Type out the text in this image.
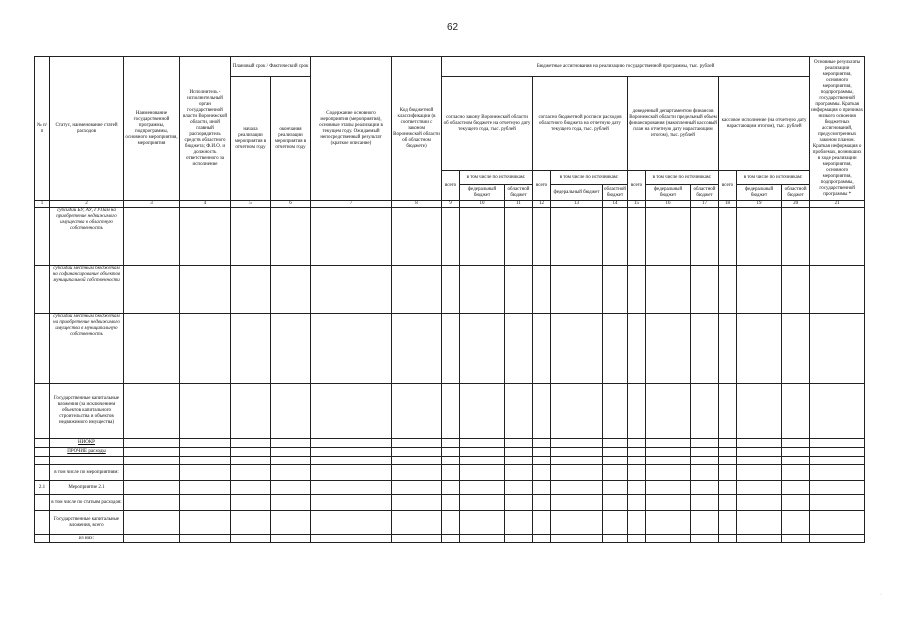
62
№ п/п	Статус, наименование статей расходов	Наименование государственной программы, подпрограммы, основного мероприятия, мероприятия	Исполнитель - исполнительный орган государственной власти Воронежской области, иной главный распорядитель средств областного бюджета; Ф.И.О. и должность ответственного за исполнение	Плановый срок / Фактический срок		Содержание основного мероприятия (мероприятия), основные этапы реализации в текущем году. Ожидаемый непосредственный результат (краткое описание)	Код бюджетной классификации (в соответствии с законом Воронежской области об областном бюджете)	Бюджетные ассигнования на реализацию государственной программы, тыс. рублей												Основные результаты реализации мероприятия, основного мероприятия, подпрограммы, государственной программы. Краткая информация о причинах низкого освоения бюджетных ассигнований, предусмотренных законом планом. Краткая информация о проблемах, возникших в ходе реализации мероприятия, основного мероприятия, подпрограммы, государственной программы *
				начала реализации мероприятия в отчетном году	окончания реализации мероприятия в отчетном году			согласно закону Воронежской области об областном бюджете на отчетную дату текущего года, тыс. рублей			согласно бюджетной росписи расходов областного бюджета на отчетную дату текущего года, тыс. рублей			доведенный департаментом финансов Воронежской области предельный объем финансирования (накопленный кассовый план на отчетную дату нарастающим итогом), тыс. рублей			кассовое исполнение (на отчетную дату нарастающим итогом), тыс. рублей			
								всего	в том числе по источникам:		всего	в том числе по источникам:		всего	в том числе по источникам:		всего	в том числе по источникам:		
									федеральный бюджет	областной бюджет		федеральный бюджет	областной бюджет		федеральный бюджет	областной бюджет		федеральный бюджет	областной бюджет	
1	2	3	4	5	6	7	8	9	10	11	12	13	14	15	16	17	18	19	20	21
	субсидии БУ, АУ, ГУПам на приобретение недвижимого имущества в областную собственность																			
	субсидии местным бюджетам на софинансирование объектов муниципальной собственности																			
	субсидии местным бюджетам на приобретение недвижимого имущества в муниципальную собственность																			
	Государственные капитальные вложения (за исключением объектов капитального строительства и объектов недвижимого имущества)																			
	НИОКР																			
	ПРОЧИЕ расходы																			

	в том числе по мероприятиям:																			
2.1	Мероприятие 2.1																			
	в том числе по статьям расходов:																			
	Государственные капитальные вложения, всего																			
	из них:																			
·
